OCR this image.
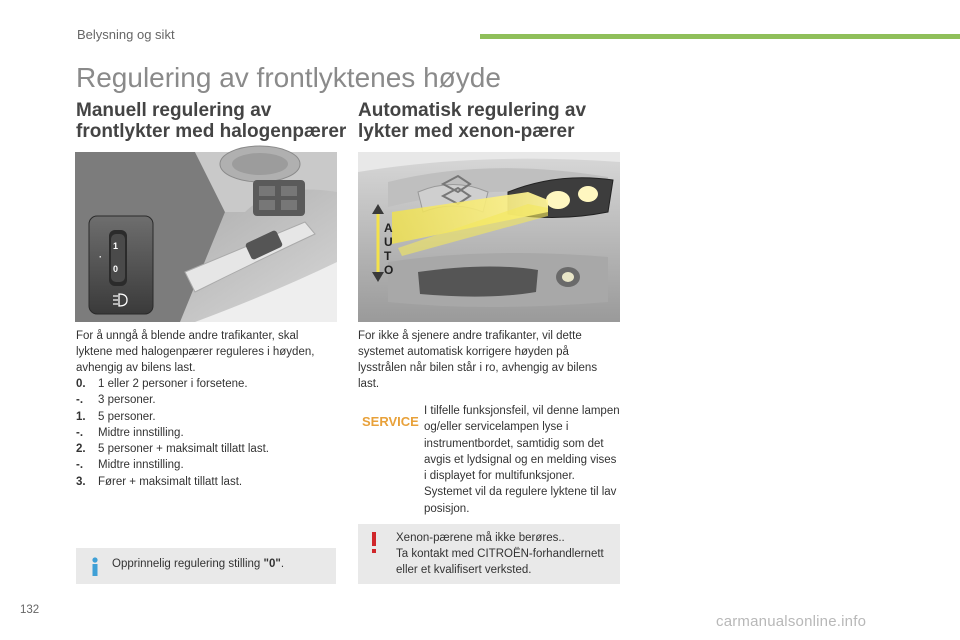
Belysning og sikt
Regulering av frontlyktenes høyde

Manuell regulering av

frontlykter med halogenpærer

Automatisk regulering av

lykter med xenon-pærer

·
1
0
A
U
T
O
For å unngå å blende andre trafikanter, skal lyktene med halogenpærer reguleres i høyden, avhengig av bilens last.
0.	1 eller 2 personer i forsetene.
-.	3 personer.
1.	5 personer.
-.	Midtre innstilling.
2.	5 personer + maksimalt tillatt last.
-.	Midtre innstilling.
3.	Fører + maksimalt tillatt last.
For ikke å sjenere andre trafikanter, vil dette systemet automatisk korrigere høyden på lysstrålen når bilen står i ro, avhengig av bilens last.
SERVICE
I tilfelle funksjonsfeil, vil denne lampen og/eller servicelampen lyse i instrumentbordet, samtidig som det avgis et lydsignal og en melding vises i displayet for multifunksjoner. Systemet vil da regulere lyktene til lav posisjon.
Opprinnelig regulering stilling "0".
Xenon-pærene må ikke berøres..
Ta kontakt med CITROËN-forhandlernett eller et kvalifisert verksted.
132
carmanualsonline.info
